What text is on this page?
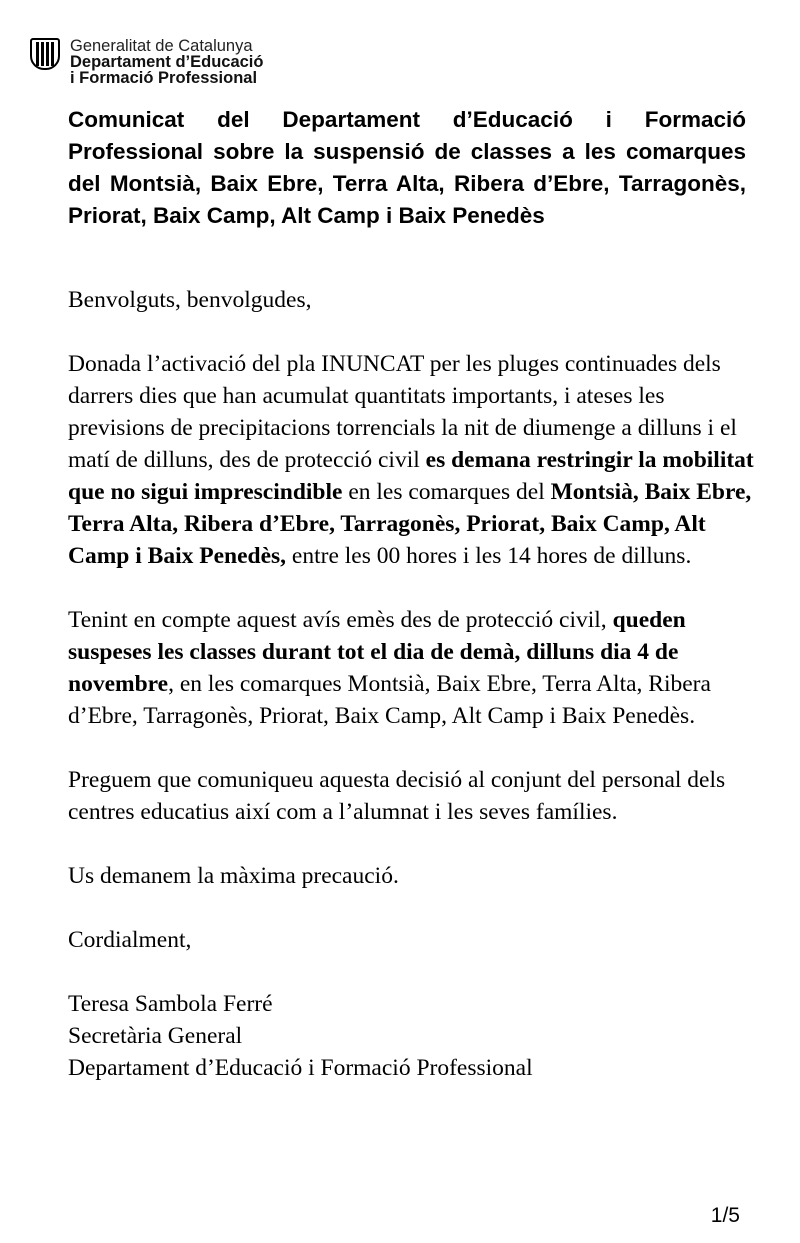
Generalitat de Catalunya
Departament d’Educació
i Formació Professional
Comunicat del Departament d’Educació i Formació Professional sobre la suspensió de classes a les comarques del Montsià, Baix Ebre, Terra Alta, Ribera d’Ebre, Tarragonès, Priorat, Baix Camp, Alt Camp i Baix Penedès

Benvolguts, benvolgudes,

Donada l’activació del pla INUNCAT per les pluges continuades dels darrers dies que han acumulat quantitats importants, i ateses les previsions de precipitacions torrencials la nit de diumenge a dilluns i el matí de dilluns, des de protecció civil es demana restringir la mobilitat que no sigui imprescindible en les comarques del Montsià, Baix Ebre, Terra Alta, Ribera d’Ebre, Tarragonès, Priorat, Baix Camp, Alt Camp i Baix Penedès, entre les 00 hores i les 14 hores de dilluns.

Tenint en compte aquest avís emès des de protecció civil, queden suspeses les classes durant tot el dia de demà, dilluns dia 4 de novembre, en les comarques Montsià, Baix Ebre, Terra Alta, Ribera d’Ebre, Tarragonès, Priorat, Baix Camp, Alt Camp i Baix Penedès.

Preguem que comuniqueu aquesta decisió al conjunt del personal dels centres educatius així com a l’alumnat i les seves famílies.

Us demanem la màxima precaució.

Cordialment,

Teresa Sambola Ferré

Secretària General

Departament d’Educació i Formació Professional

1/5
